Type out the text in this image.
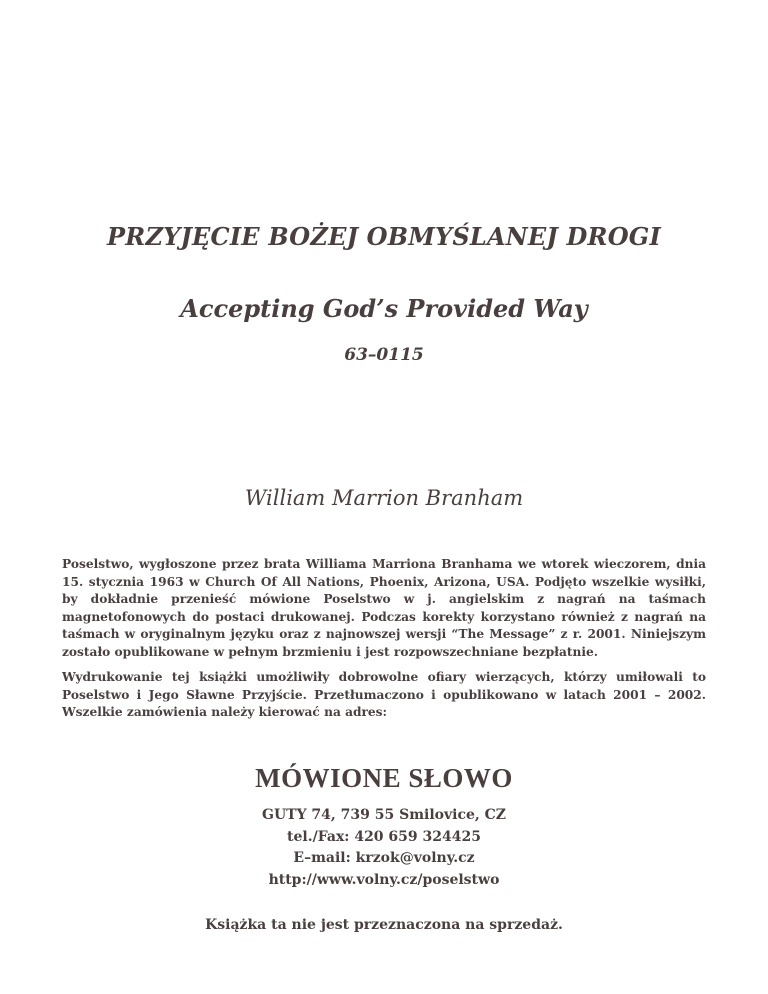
PRZYJĘCIE BOŻEJ OBMYŚLANEJ DROGI
Accepting God’s Provided Way
63–0115
William Marrion Branham

Poselstwo, wygłoszone przez brata Williama Marriona Branhama we wtorek wieczorem, dnia 15. stycznia 1963 w Church Of All Nations, Phoenix, Arizona, USA. Podjęto wszelkie wysiłki, by dokładnie przenieść mówione Poselstwo w j. angielskim z nagrań na taśmach magnetofonowych do postaci drukowanej. Podczas korekty korzystano również z nagrań na taśmach w oryginalnym języku oraz z najnowszej wersji “The Message” z r. 2001. Niniejszym zostało opublikowane w pełnym brzmieniu i jest rozpowszechniane bezpłatnie.

Wydrukowanie tej książki umożliwiły dobrowolne ofiary wierzących, którzy umiłowali to Poselstwo i Jego Sławne Przyjście. Przetłumaczono i opublikowano w latach 2001 – 2002. Wszelkie zamówienia należy kierować na adres:

MÓWIONE SŁOWO
GUTY 74, 739 55 Smilovice, CZ
tel./Fax: 420 659 324425
E–mail: krzok@volny.cz
http://www.volny.cz/poselstwo
Książka ta nie jest przeznaczona na sprzedaż.
